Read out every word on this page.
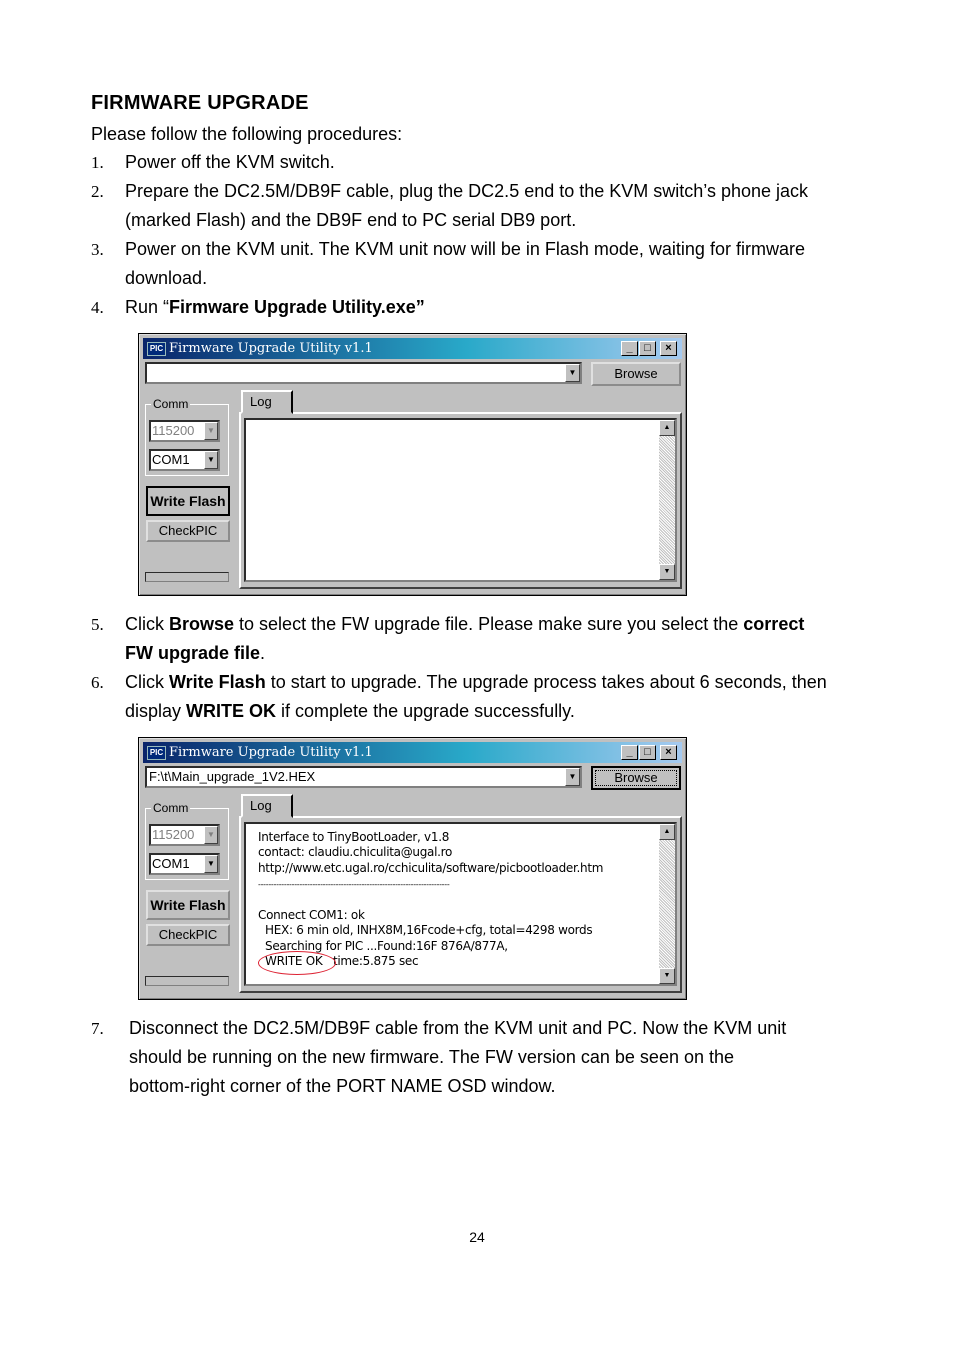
FIRMWARE UPGRADE
Please follow the following procedures:
1. Power off the KVM switch.
2. Prepare the DC2.5M/DB9F cable, plug the DC2.5 end to the KVM switch’s phone jack
(marked Flash) and the DB9F end to PC serial DB9 port.
3. Power on the KVM unit. The KVM unit now will be in Flash mode, waiting for firmware
download.
4. Run “Firmware Upgrade Utility.exe”
PIC Firmware Upgrade Utility v1.1	_	□	×
▼	Browse
Comm
115200	▼
COM1	▼
Write Flash
CheckPIC
Log
▲
▼
5. Click Browse to select the FW upgrade file. Please make sure you select the correct
FW upgrade file.
6. Click Write Flash to start to upgrade. The upgrade process takes about 6 seconds, then
display WRITE OK if complete the upgrade successfully.
PIC Firmware Upgrade Utility v1.1	_	□	×
F:\t\Main_upgrade_1V2.HEX	▼	Browse
Comm
115200	▼
COM1	▼
Write Flash
CheckPIC
Log
Interface to TinyBootLoader, v1.8
contact: claudiu.chiculita@ugal.ro
http://www.etc.ugal.ro/cchiculita/software/picbootloader.htm
--------------------------------------------------------------------------

Connect COM1: ok
HEX: 6 min old, INHX8M,16Fcode+cfg, total=4298 words
Searching for PIC ...Found:16F 876A/877A,
WRITE OK   time:5.875 sec
▲
▼
7. Disconnect the DC2.5M/DB9F cable from the KVM unit and PC. Now the KVM unit
should be running on the new firmware. The FW version can be seen on the
bottom-right corner of the PORT NAME OSD window.
24
